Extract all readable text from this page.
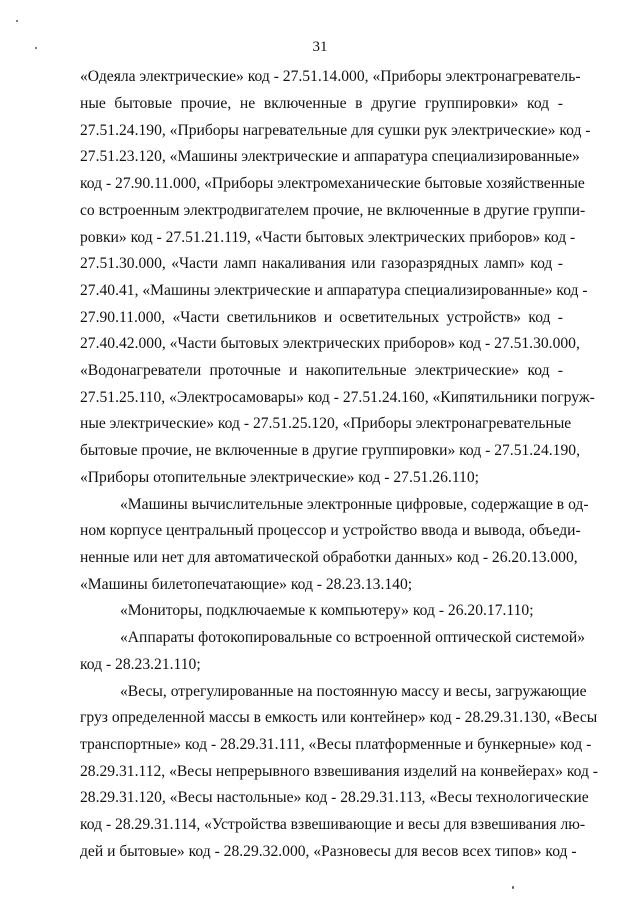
31
«Одеяла электрические» код - 27.51.14.000, «Приборы электронагреватель-
ные бытовые прочие, не включенные в другие группировки» код -
27.51.24.190, «Приборы нагревательные для сушки рук электрические» код -
27.51.23.120, «Машины электрические и аппаратура специализированные»
код - 27.90.11.000, «Приборы электромеханические бытовые хозяйственные
со встроенным электродвигателем прочие, не включенные в другие группи-
ровки» код - 27.51.21.119, «Части бытовых электрических приборов» код -
27.51.30.000, «Части ламп накаливания или газоразрядных ламп» код -
27.40.41, «Машины электрические и аппаратура специализированные» код -
27.90.11.000, «Части светильников и осветительных устройств» код -
27.40.42.000, «Части бытовых электрических приборов» код - 27.51.30.000,
«Водонагреватели проточные и накопительные электрические» код -
27.51.25.110, «Электросамовары» код - 27.51.24.160, «Кипятильники погруж-
ные электрические» код - 27.51.25.120, «Приборы электронагревательные
бытовые прочие, не включенные в другие группировки» код - 27.51.24.190,
«Приборы отопительные электрические» код - 27.51.26.110;
«Машины вычислительные электронные цифровые, содержащие в од-
ном корпусе центральный процессор и устройство ввода и вывода, объеди-
ненные или нет для автоматической обработки данных» код - 26.20.13.000,
«Машины билетопечатающие» код - 28.23.13.140;
«Мониторы, подключаемые к компьютеру» код - 26.20.17.110;
«Аппараты фотокопировальные со встроенной оптической системой»
код - 28.23.21.110;
«Весы, отрегулированные на постоянную массу и весы, загружающие
груз определенной массы в емкость или контейнер» код - 28.29.31.130, «Весы
транспортные» код - 28.29.31.111, «Весы платформенные и бункерные» код -
28.29.31.112, «Весы непрерывного взвешивания изделий на конвейерах» код -
28.29.31.120, «Весы настольные» код - 28.29.31.113, «Весы технологические
код - 28.29.31.114, «Устройства взвешивающие и весы для взвешивания лю-
дей и бытовые» код - 28.29.32.000, «Разновесы для весов всех типов» код -
